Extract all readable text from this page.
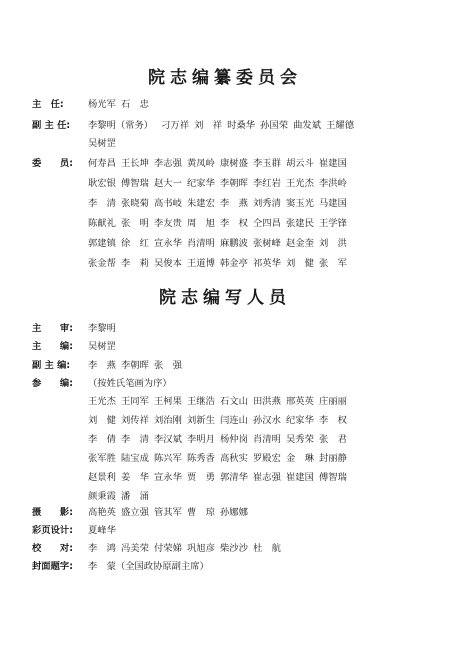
院志编纂委员会
主　任:	杨光军 石　忠
副 主 任: 李黎明（常务） 刁万祥 刘　祥 时桑华 孙国荣 曲发斌 王耀德
吴树罡
委　　员: 何寿昌 王长坤 李志强 黄凤岭 康树盛 李玉群 胡云斗 崔建国
耿宏银 傅智瑞 赵大一 纪家华 李朝晖 李红岩 王光杰 李洪岭
李　清 张晓菊 高书岐 朱建宏 李　燕 刘秀清 窦玉光 马建国
陈献礼 张　明 李友贵 周　旭 李　权 仝四昌 张建民 王学锋
郭建镇 徐　红 宣永华 肖清明 麻鹏波 张树峰 赵金奎 刘　洪
张金帮 李　莉 吴俊本 王道博 韩金亭 祁英华 刘　健 张　军
院志编写人员
主　　审: 李黎明
主　　编: 吴树罡
副 主 编: 李　燕 李朝晖 张　强
参　　编: （按姓氏笔画为序）
王光杰 王同军 王柯果 王继浩 石文山 田洪燕 邢英英 庄丽丽
刘　健 刘传祥 刘治刚 刘新生 闫连山 孙汉水 纪家华 李　权
李　倩 李　清 李汉斌 李明月 杨仲岗 肖清明 吴秀荣 张　君
张军胜 陆宝成 陈兴军 陈秀香 高秋实 罗殿宏 金　琳 封丽静
赵景利 姜　华 宣永华 贾　勇 郭清华 崔志强 崔建国 傅智瑞
颜秉霞 潘　涌
摄　　影: 高艳英 盛立强 管其军 曹　琼 孙娜娜
彩页设计: 夏峰华
校　　对: 李　鸿 冯美荣 付荣娣 巩旭彦 柴沙沙 杜　航
封面题字: 李　蒙（全国政协原副主席）
